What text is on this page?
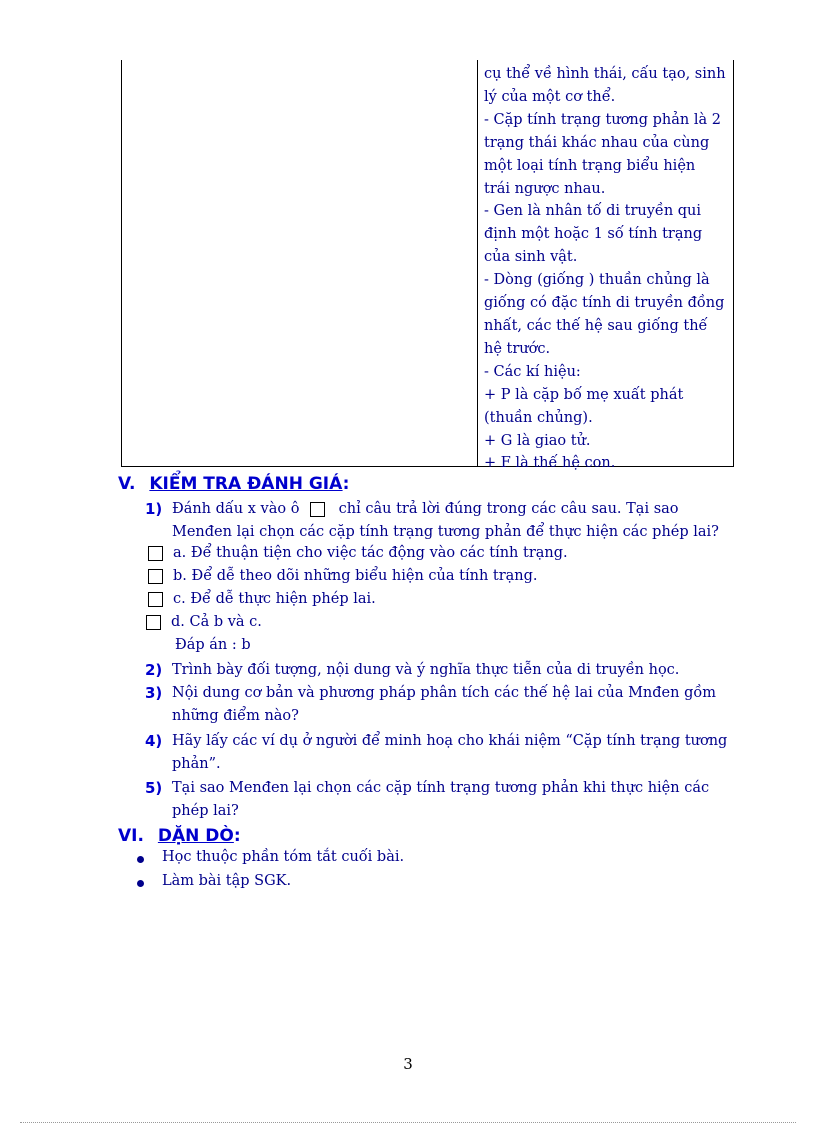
cụ thể về hình thái, cấu tạo, sinh
lý của một cơ thể.
- Cặp tính trạng tương phản là 2
trạng thái khác nhau của cùng
một loại tính trạng biểu hiện
trái ngược nhau.
- Gen là nhân tố di truyền qui
định một hoặc 1 số tính trạng
của sinh vật.
- Dòng (giống ) thuần chủng là
giống có đặc tính di truyền đồng
nhất, các thế hệ sau giống thế
hệ trước.
- Các kí hiệu:
+ P là cặp bố mẹ xuất phát
(thuần chủng).
+ G là giao tử.
+ F là thế hệ con.
V. KIỂM TRA ĐÁNH GIÁ:
1) Đánh dấu x vào ô	chỉ câu trả lời đúng trong các câu sau. Tại sao
Menđen lại chọn các cặp tính trạng tương phản để thực hiện các phép lai?
a. Để thuận tiện cho việc tác động vào các tính trạng.
b. Để dễ theo dõi những biểu hiện của tính trạng.
c. Để dễ thực hiện phép lai.
d. Cả b và c.
Đáp án : b
2) Trình bày đối tượng, nội dung và ý nghĩa thực tiễn của di truyền học.
3) Nội dung cơ bản và phương pháp phân tích các thế hệ lai của Mnđen gồm
những điểm nào?
4) Hãy lấy các ví dụ ở người để minh hoạ cho khái niệm “Cặp tính trạng tương
phản”.
5) Tại sao Menđen lại chọn các cặp tính trạng tương phản khi thực hiện các
phép lai?
VI. DẶN DÒ:
Học thuộc phần tóm tắt cuối bài.
Làm bài tập SGK.
3
